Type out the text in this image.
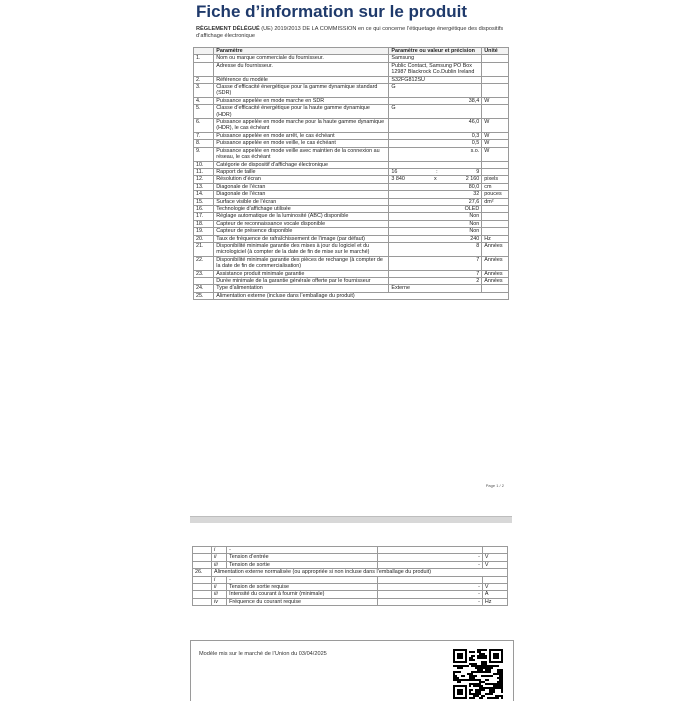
Fiche d’information sur le produit
RÈGLEMENT DÉLÉGUÉ (UE) 2019/2013 DE LA COMMISSION en ce qui concerne l’étiquetage énergétique des dispositifs d’affichage électronique
	Paramètre	Paramètre ou valeur et précision	Unité
1.	Nom ou marque commerciale du fournisseur.	Samsung	
	Adresse du fournisseur.	Public Contact, Samsung PO Box 12987 Blackrock Co.Dublin Ireland	
2.	Référence du modèle	S32FG812SU	
3.	Classe d’efficacité énergétique pour la gamme dynamique standard (SDR)	G	
4.	Puissance appelée en mode marche en SDR	38,4	W
5.	Classe d’efficacité énergétique pour la haute gamme dynamique (HDR)	G	
6.	Puissance appelée en mode marche pour la haute gamme dynamique (HDR), le cas échéant	46,0	W
7.	Puissance appelée en mode arrêt, le cas échéant	0,3	W
8.	Puissance appelée en mode veille, le cas échéant	0,5	W
9.	Puissance appelée en mode veille avec maintien de la connexion au réseau, le cas échéant	s.o.	W
10.	Catégorie de dispositif d’affichage électronique		
11.	Rapport de taille	16 : 9	

12.	Résolution d’écran	3 840 x 2 160	pixels
13.	Diagonale de l’écran	80,0	cm
14.	Diagonale de l’écran	32	pouces
15.	Surface visible de l’écran	27,6	dm²
16.	Technologie d’affichage utilisée	OLED	
17.	Réglage automatique de la luminosité (ABC) disponible	Non	
18.	Capteur de reconnaissance vocale disponible	Non	
19.	Capteur de présence disponible	Non	
20.	Taux de fréquence de rafraîchissement de l’image (par défaut)	240	Hz
21.	Disponibilité minimale garantie des mises à jour du logiciel et du micrologiciel (à compter de la date de fin de mise sur le marché)	8	Années
22.	Disponibilité minimale garantie des pièces de rechange (à compter de la date de fin de commercialisation)	7	Années
23.	Assistance produit minimale garantie	7	Années
	Durée minimale de la garantie générale offerte par le fournisseur	2	Années
24.	Type d’alimentation	Externe	
25.	Alimentation externe (incluse dans l’emballage du produit)		
Page 1 / 2
	i	-		
	ii	Tension d’entrée	-	V
	iii	Tension de sortie	-	V
26.	Alimentation externe normalisée (ou appropriée si non incluse dans l’emballage du produit)			
	i	-		
	ii	Tension de sortie requise	-	V
	iii	Intensité du courant à fournir (minimale)	-	A
	iv	Fréquence du courant requise	-	Hz
Modèle mis sur le marché de l’Union du 03/04/2025
